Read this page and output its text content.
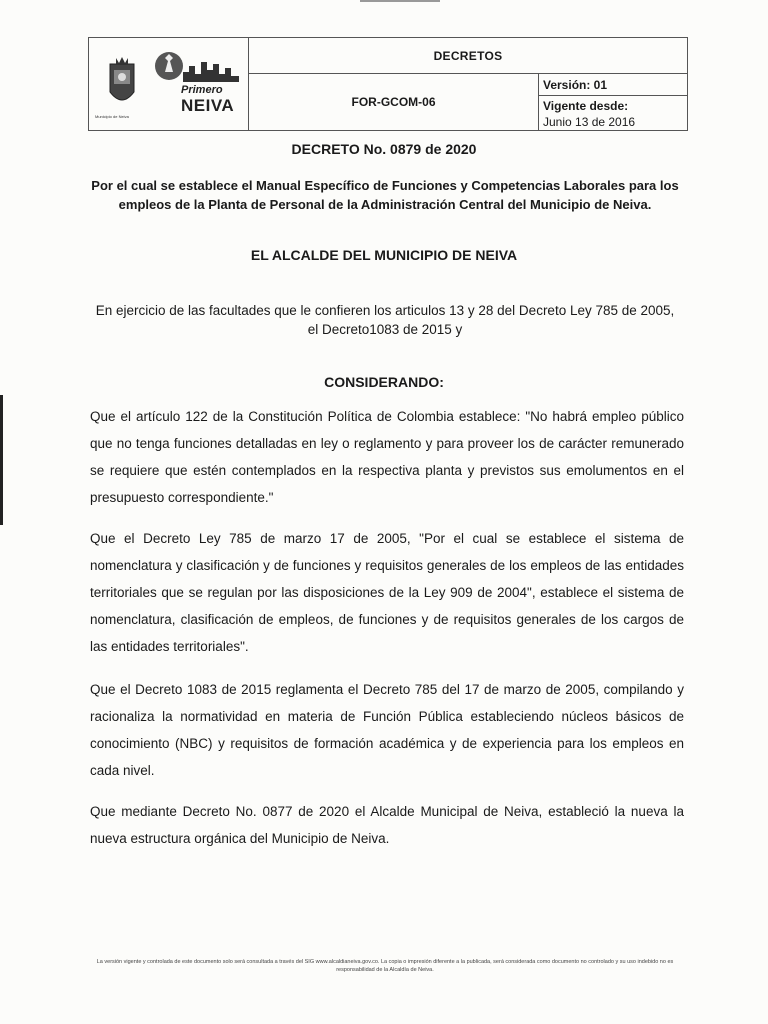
Municipio de Neiva
Primero
NEIVA
DECRETOS
FOR-GCOM-06
Versión: 01
Vigente desde:
Junio 13 de 2016
DECRETO No. 0879 de 2020
Por el cual se establece el Manual Específico de Funciones y Competencias Laborales para los empleos de la Planta de Personal de la Administración Central del Municipio de Neiva.
EL ALCALDE DEL MUNICIPIO DE NEIVA
En ejercicio de las facultades que le confieren los articulos 13 y 28 del Decreto Ley 785 de 2005, el Decreto1083 de 2015 y
CONSIDERANDO:
Que el artículo 122 de la Constitución Política de Colombia establece: "No habrá empleo público que no tenga funciones detalladas en ley o reglamento y para proveer los de carácter remunerado se requiere que estén contemplados en la respectiva planta y previstos sus emolumentos en el presupuesto correspondiente."
Que el Decreto Ley 785 de marzo 17 de 2005, "Por el cual se establece el sistema de nomenclatura y clasificación y de funciones y requisitos generales de los empleos de las entidades territoriales que se regulan por las disposiciones de la Ley 909 de 2004", establece el sistema de nomenclatura, clasificación de empleos, de funciones y de requisitos generales de los cargos de las entidades territoriales".
Que el Decreto 1083 de 2015 reglamenta el Decreto 785 del 17 de marzo de 2005, compilando y racionaliza la normatividad en materia de Función Pública estableciendo núcleos básicos de conocimiento (NBC) y requisitos de formación académica y de experiencia para los empleos en cada nivel.
Que mediante Decreto No. 0877 de 2020 el Alcalde Municipal de Neiva, estableció la nueva la nueva estructura orgánica del Municipio de Neiva.
La versión vigente y controlada de este documento solo será consultada a través del SIG www.alcaldianeiva.gov.co. La copia o impresión diferente a la publicada, será considerada como documento no controlado y su uso indebido no es responsabilidad de la Alcaldía de Neiva.
